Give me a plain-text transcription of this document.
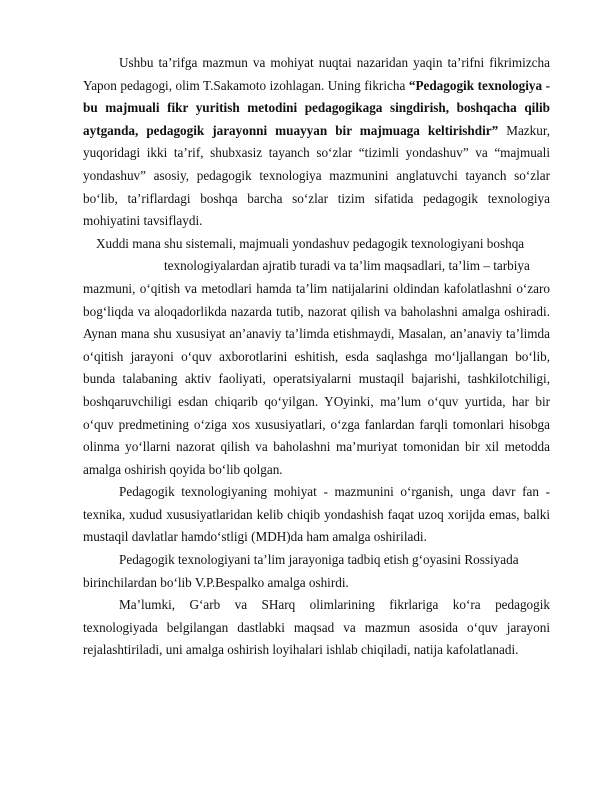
Ushbu ta’rifga mazmun va mohiyat nuqtai nazaridan yaqin ta’rifni fikrimizcha Yapon pedagogi, olim T.Sakamoto izohlagan. Uning fikricha “Pedagogik texnologiya - bu majmuali fikr yuritish metodini pedagogikaga singdirish, boshqacha qilib aytganda, pedagogik jarayonni muayyan bir majmuaga keltirishdir” Mazkur, yuqoridagi ikki ta’rif, shubxasiz tayanch so‘zlar “tizimli yondashuv” va “majmuali yondashuv” asosiy, pedagogik texnologiya mazmunini anglatuvchi tayanch so‘zlar bo‘lib, ta’riflardagi boshqa barcha so‘zlar tizim sifatida pedagogik texnologiya mohiyatini tavsiflaydi.

Xuddi mana shu sistemali, majmuali yondashuv pedagogik texnologiyani boshqa

texnologiyalardan ajratib turadi va ta’lim maqsadlari, ta’lim – tarbiya

mazmuni, o‘qitish va metodlari hamda ta’lim natijalarini oldindan kafolatlashni o‘zaro bog‘liqda va aloqadorlikda nazarda tutib, nazorat qilish va baholashni amalga oshiradi. Aynan mana shu xususiyat an’anaviy ta’limda etishmaydi, Masalan, an’anaviy ta’limda o‘qitish jarayoni o‘quv axborotlarini eshitish, esda saqlashga mo‘ljallangan bo‘lib, bunda talabaning aktiv faoliyati, operatsiyalarni mustaqil bajarishi, tashkilotchiligi, boshqaruvchiligi esdan chiqarib qo‘yilgan. YOyinki, ma’lum o‘quv yurtida, har bir o‘quv predmetining o‘ziga xos xususiyatlari, o‘zga fanlardan farqli tomonlari hisobga olinma yo‘llarni nazorat qilish va baholashni ma’muriyat tomonidan bir xil metodda amalga oshirish qoyida bo‘lib qolgan.

Pedagogik texnologiyaning mohiyat - mazmunini o‘rganish, unga davr fan - texnika, xudud xususiyatlaridan kelib chiqib yondashish faqat uzoq xorijda emas, balki mustaqil davlatlar hamdo‘stligi (MDH)da ham amalga oshiriladi.

Pedagogik texnologiyani ta’lim jarayoniga tadbiq etish g‘oyasini Rossiyada

birinchilardan bo‘lib V.P.Bespalko amalga oshirdi.

Ma’lumki, G‘arb va SHarq olimlarining fikrlariga ko‘ra pedagogik texnologiyada belgilangan dastlabki maqsad va mazmun asosida o‘quv jarayoni rejalashtiriladi, uni amalga oshirish loyihalari ishlab chiqiladi, natija kafolatlanadi.
